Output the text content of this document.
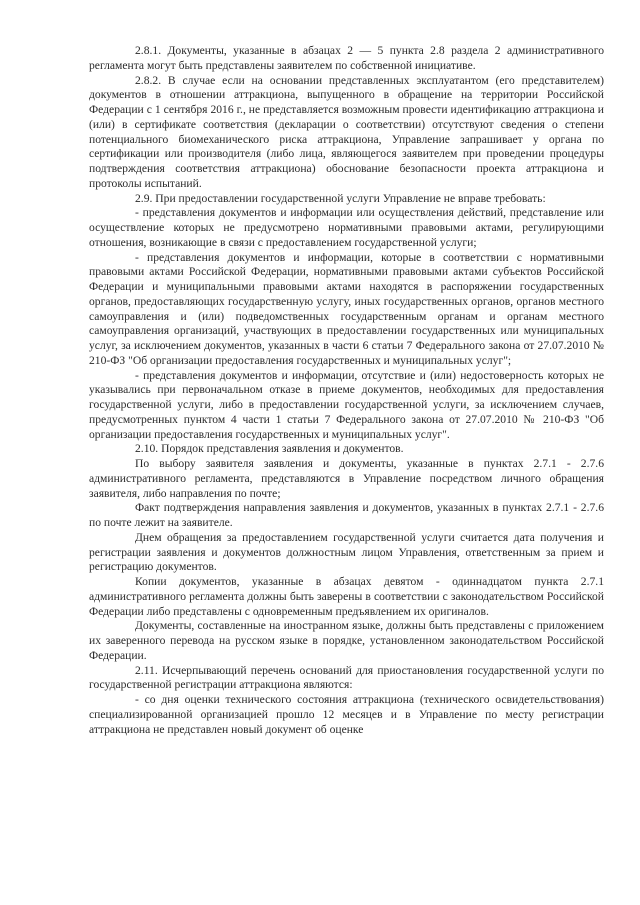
2.8.1. Документы, указанные в абзацах 2 — 5 пункта 2.8 раздела 2 административного регламента могут быть представлены заявителем по собственной инициативе.

2.8.2. В случае если на основании представленных эксплуатантом (его представителем) документов в отношении аттракциона, выпущенного в обращение на территории Российской Федерации с 1 сентября 2016 г., не представляется возможным провести идентификацию аттракциона и (или) в сертификате соответствия (декларации о соответствии) отсутствуют сведения о степени потенциального биомеханического риска аттракциона, Управление запрашивает у органа по сертификации или производителя (либо лица, являющегося заявителем при проведении процедуры подтверждения соответствия аттракциона) обоснование безопасности проекта аттракциона и протоколы испытаний.

2.9. При предоставлении государственной услуги Управление не вправе требовать:

- представления документов и информации или осуществления действий, представление или осуществление которых не предусмотрено нормативными правовыми актами, регулирующими отношения, возникающие в связи с предоставлением государственной услуги;

- представления документов и информации, которые в соответствии с нормативными правовыми актами Российской Федерации, нормативными правовыми актами субъектов Российской Федерации и муниципальными правовыми актами находятся в распоряжении государственных органов, предоставляющих государственную услугу, иных государственных органов, органов местного самоуправления и (или) подведомственных государственным органам и органам местного самоуправления организаций, участвующих в предоставлении государственных или муниципальных услуг, за исключением документов, указанных в части 6 статьи 7 Федерального закона от 27.07.2010 № 210-ФЗ "Об организации предоставления государственных и муниципальных услуг";

- представления документов и информации, отсутствие и (или) недостоверность которых не указывались при первоначальном отказе в приеме документов, необходимых для предоставления государственной услуги, либо в предоставлении государственной услуги, за исключением случаев, предусмотренных пунктом 4 части 1 статьи 7 Федерального закона от 27.07.2010 № 210-ФЗ "Об организации предоставления государственных и муниципальных услуг".

2.10. Порядок представления заявления и документов.

По выбору заявителя заявления и документы, указанные в пунктах 2.7.1 - 2.7.6 административного регламента, представляются в Управление посредством личного обращения заявителя, либо направления по почте;

Факт подтверждения направления заявления и документов, указанных в пунктах 2.7.1 - 2.7.6 по почте лежит на заявителе.

Днем обращения за предоставлением государственной услуги считается дата получения и регистрации заявления и документов должностным лицом Управления, ответственным за прием и регистрацию документов.

Копии документов, указанные в абзацах девятом - одиннадцатом пункта 2.7.1 административного регламента должны быть заверены в соответствии с законодательством Российской Федерации либо представлены с одновременным предъявлением их оригиналов.

Документы, составленные на иностранном языке, должны быть представлены с приложением их заверенного перевода на русском языке в порядке, установленном законодательством Российской Федерации.

2.11. Исчерпывающий перечень оснований для приостановления государственной услуги по государственной регистрации аттракциона являются:

- со дня оценки технического состояния аттракциона (технического освидетельствования) специализированной организацией прошло 12 месяцев и в Управление по месту регистрации аттракциона не представлен новый документ об оценке
